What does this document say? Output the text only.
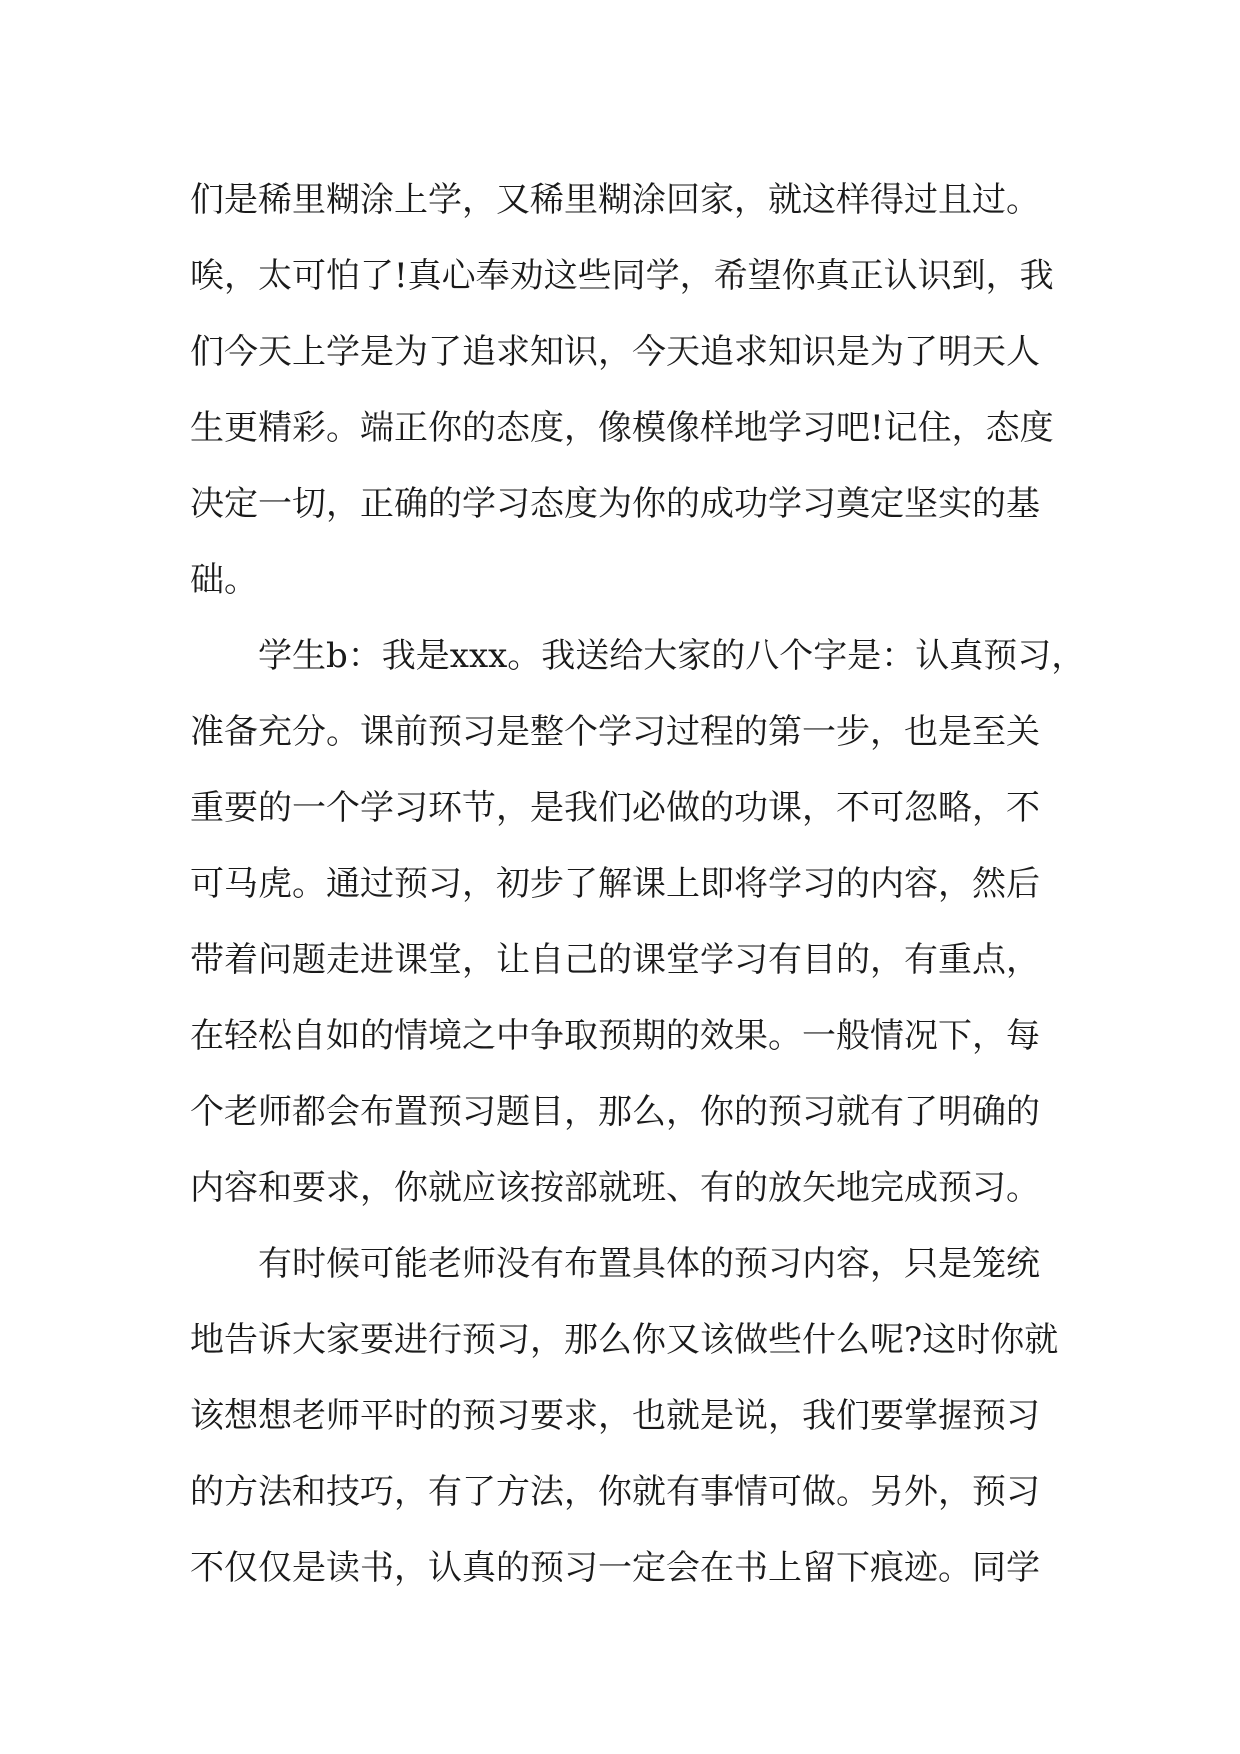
们是稀里糊涂上学，又稀里糊涂回家，就这样得过且过。
唉，太可怕了!真心奉劝这些同学，希望你真正认识到，我
们今天上学是为了追求知识，今天追求知识是为了明天人
生更精彩。端正你的态度，像模像样地学习吧!记住，态度
决定一切，正确的学习态度为你的成功学习奠定坚实的基
础。
学生b：我是xxx。我送给大家的八个字是：认真预习，
准备充分。课前预习是整个学习过程的第一步，也是至关
重要的一个学习环节，是我们必做的功课，不可忽略，不
可马虎。通过预习，初步了解课上即将学习的内容，然后
带着问题走进课堂，让自己的课堂学习有目的，有重点，
在轻松自如的情境之中争取预期的效果。一般情况下，每
个老师都会布置预习题目，那么，你的预习就有了明确的
内容和要求，你就应该按部就班、有的放矢地完成预习。
有时候可能老师没有布置具体的预习内容，只是笼统
地告诉大家要进行预习，那么你又该做些什么呢?这时你就
该想想老师平时的预习要求，也就是说，我们要掌握预习
的方法和技巧，有了方法，你就有事情可做。另外，预习
不仅仅是读书，认真的预习一定会在书上留下痕迹。同学
